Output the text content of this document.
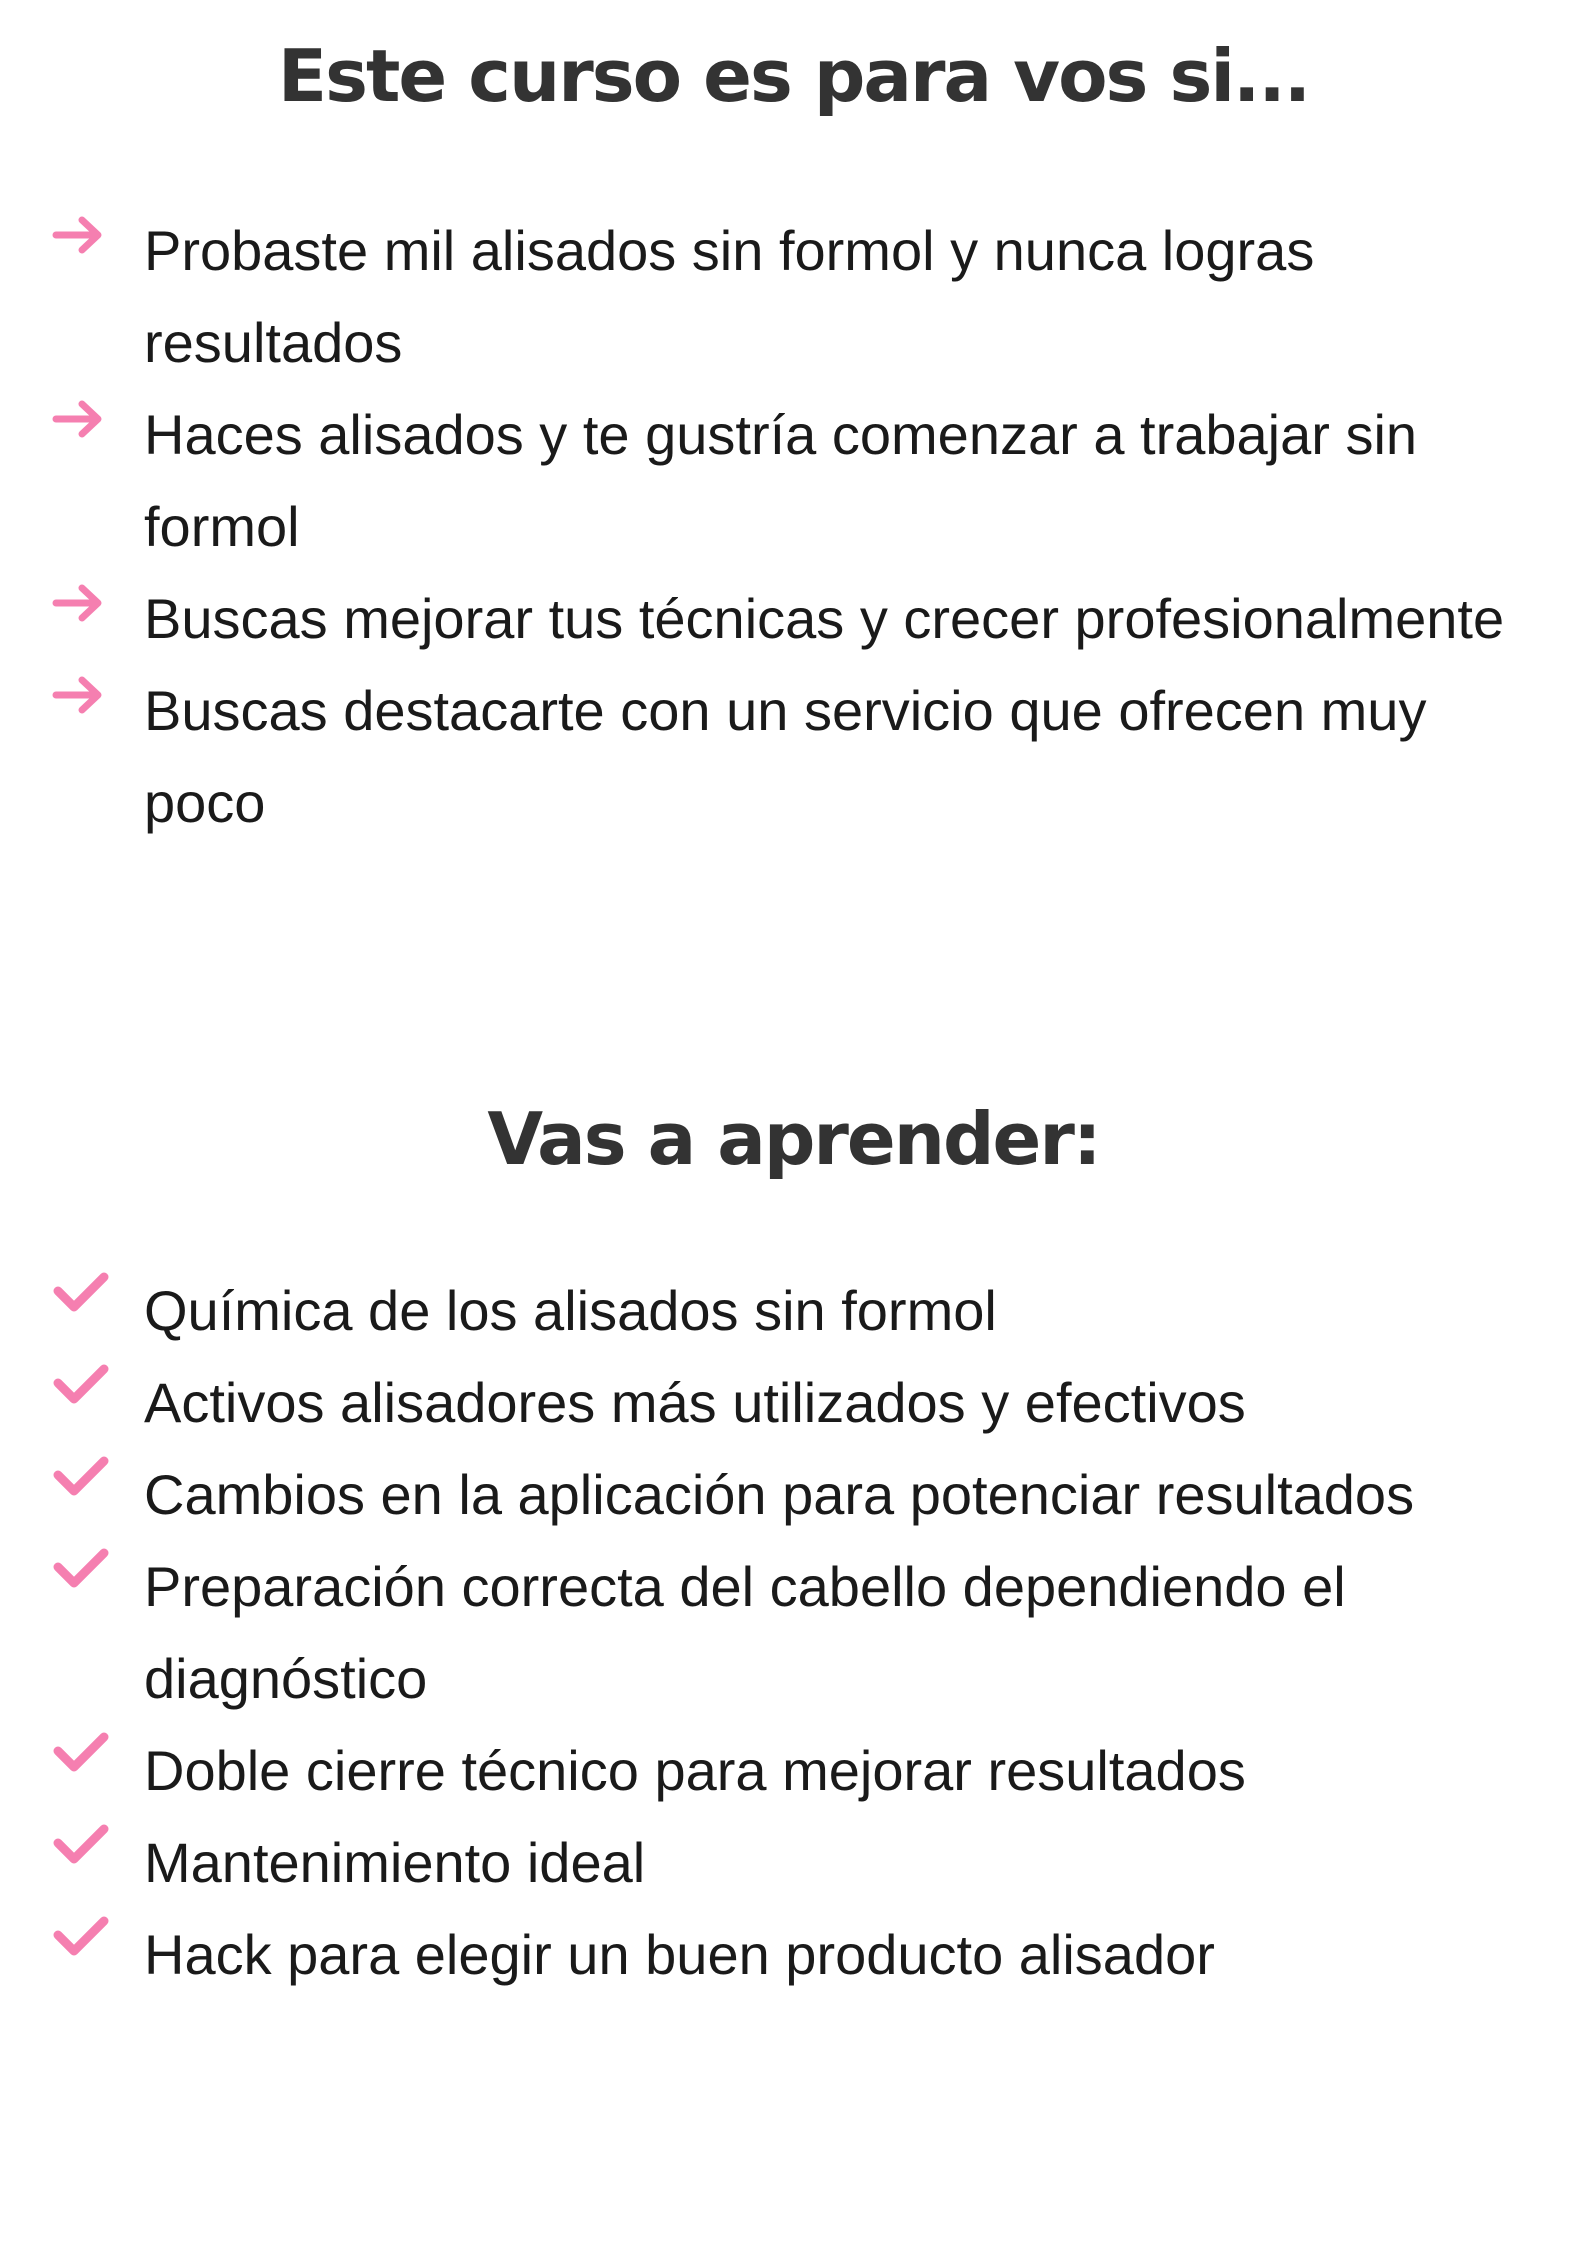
Este curso es para vos si...
Probaste mil alisados sin formol y nunca logras resultados
Haces alisados y te gustría comenzar a trabajar sin formol
Buscas mejorar tus técnicas y crecer profesionalmente
Buscas destacarte con un servicio que ofrecen muy poco
Vas a aprender:
Química de los alisados sin formol
Activos alisadores más utilizados y efectivos
Cambios en la aplicación para potenciar resultados
Preparación correcta del cabello dependiendo el diagnóstico
Doble cierre técnico para mejorar resultados
Mantenimiento ideal
Hack para elegir un buen producto alisador
